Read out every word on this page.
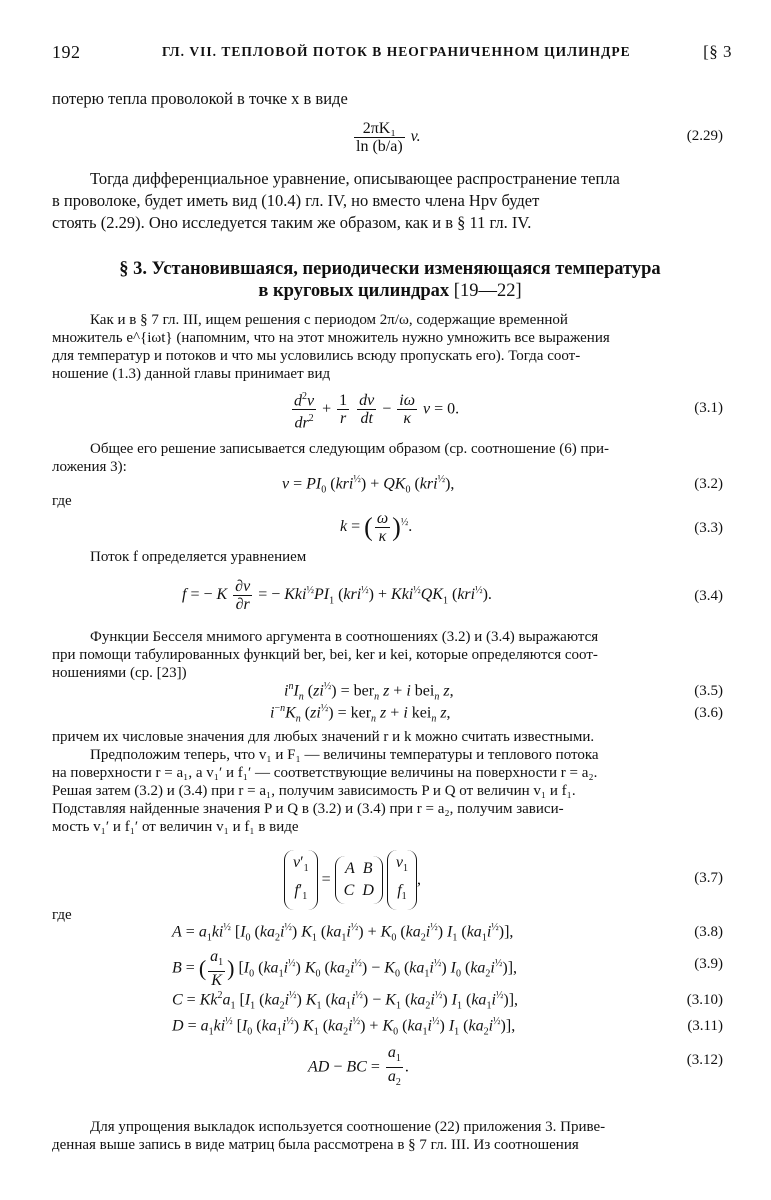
192	ГЛ. VII. ТЕПЛОВОЙ ПОТОК В НЕОГРАНИЧЕННОМ ЦИЛИНДРЕ	[§ 3
потерю тепла проволокой в точке x в виде
$\frac{\text{2πK₁}}{\ln (b/a)} v$.	(2.29)
Тогда дифференциальное уравнение, описывающее распространение тепла
в проволоке, будет иметь вид (10.4) гл. IV, но вместо члена Hpv будет
стоять (2.29). Оно исследуется таким же образом, как и в § 11 гл. IV.
§ 3. Установившаяся, периодически изменяющаяся температура
в круговых цилиндрах [19—22]
Как и в § 7 гл. III, ищем решения с периодом 2π/ω, содержащие временной
множитель e^{iωt} (напомним, что на этот множитель нужно умножить все выражения
для температур и потоков и что мы условились всюду пропускать его). Тогда соот-
ношение (1.3) данной главы принимает вид
$\frac{d^2v}{dr^2} + \frac{1}{r}$
$\frac{dv}{dt} - \frac{i\omega}{\kappa}$ v = 0.	(3.1)
Общее его решение записывается следующим образом (ср. соотношение (6) при-
ложения 3):
$v = PI_0$ $(kri^{\frac{1}{2}}) + QK_0$ (kri$^{\frac{1}{2}}$),	(3.2)
где
k = ( $\frac{\omega}{\kappa} )^{\frac{1}{2}}$.	(3.3)
Поток f определяется уравнением
f = − K $\frac{\partial v}{\partial r}$ = − $Kki^{\frac{1}{2}}PI_1$ $(kri^{\frac{1}{2}}) + Kki^{\frac{1}{2}}QK_1$ (kri$^{\frac{1}{2}}$).	(3.4)
Функции Бесселя мнимого аргумента в соотношениях (3.2) и (3.4) выражаются
при помощи табулированных функций ber, bei, ker и kei, которые определяются соот-
ношениями (ср. [23])
$i^nI_n$ $(zi^{\frac{1}{2}}) = ber_n$ z + i bei$_n$ z,	(3.5)
$i^{-n}K_n$ $(zi^{\frac{1}{2}}) = ker_n$ z + i kei$_n$ z,	(3.6)
причем их числовые значения для любых значений r и k можно считать известными.
Предположим теперь, что v₁ и F₁ — величины температуры и теплового потока
на поверхности r = a₁, а v₁′ и f₁′ — соответствующие величины на поверхности r = a₂.
Решая затем (3.2) и (3.4) при r = a₁, получим зависимость P и Q от величин v₁ и f₁.
Подставляя найденные значения P и Q в (3.2) и (3.4) при r = a₂, получим зависи-
мость v₁′ и f₁′ от величин v₁ и f₁ в виде
$v'_1$
$f'_1 = A$ B
C D $v_1$
$f_1$,	(3.7)
где
$A = a_1ki^{\frac{1}{2}}$ [$I_0$ $(ka_2i^{\frac{1}{2}})$ $K_1$ $(ka_1i^{\frac{1}{2}}) + K_0$ $(ka_2i^{\frac{1}{2}})$ $I_1$ $(ka_1i^{\frac{1}{2}})$],	(3.8)
B = ( $\frac{a_1}{K}$ ) [$I_0$ $(ka_1i^{\frac{1}{2}})$ $K_0$ $(ka_2i^{\frac{1}{2}}) - K_0$ $(ka_1i^{\frac{1}{2}})$ $I_0$ $(ka_2i^{\frac{1}{2}})$],	(3.9)
$C = Kk^2a_1$ [$I_1$ $(ka_2i^{\frac{1}{2}})$ $K_1$ $(ka_1i^{\frac{1}{2}}) - K_1$ $(ka_2i^{\frac{1}{2}})$ $I_1$ $(ka_1i^{\frac{1}{2}})$],	(3.10)
$D = a_1ki^{\frac{1}{2}}$ [$I_0$ $(ka_1i^{\frac{1}{2}})$ $K_1$ $(ka_2i^{\frac{1}{2}}) + K_0$ $(ka_1i^{\frac{1}{2}})$ $I_1$ $(ka_2i^{\frac{1}{2}})$],	(3.11)
AD − BC = $\frac{a_1}{a_2}$ .	(3.12)
Для упрощения выкладок используется соотношение (22) приложения 3. Приве-
денная выше запись в виде матриц была рассмотрена в § 7 гл. III. Из соотношения
